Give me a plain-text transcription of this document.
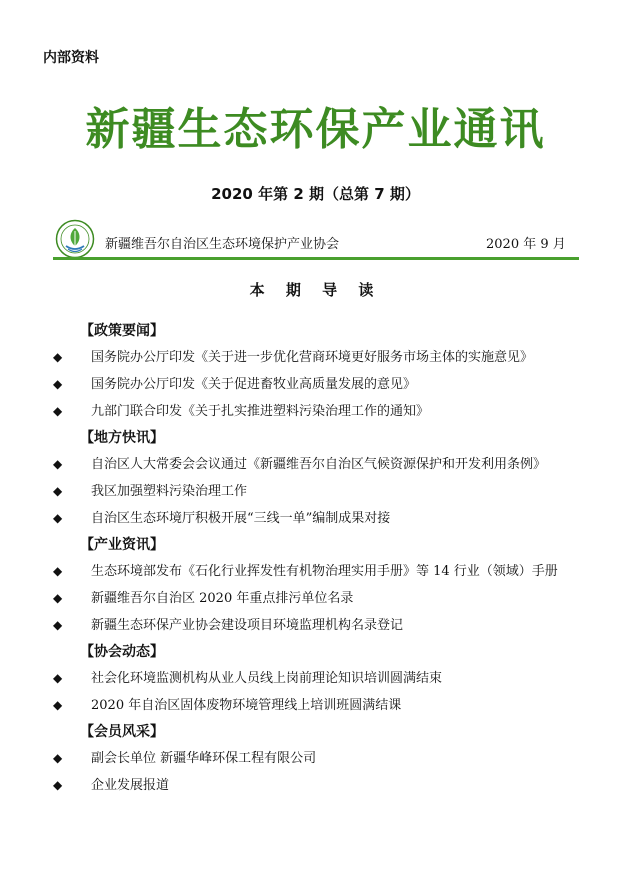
内部资料
新疆生态环保产业通讯
2020 年第 2 期（总第 7 期）
新疆维吾尔自治区生态环境保护产业协会	2020 年 9 月
本 期 导 读
【政策要闻】
◆ 国务院办公厅印发《关于进一步优化营商环境更好服务市场主体的实施意见》
◆ 国务院办公厅印发《关于促进畜牧业高质量发展的意见》
◆ 九部门联合印发《关于扎实推进塑料污染治理工作的通知》
【地方快讯】
◆ 自治区人大常委会会议通过《新疆维吾尔自治区气候资源保护和开发利用条例》
◆ 我区加强塑料污染治理工作
◆ 自治区生态环境厅积极开展“三线一单”编制成果对接
【产业资讯】
◆ 生态环境部发布《石化行业挥发性有机物治理实用手册》等 14 行业（领域）手册
◆ 新疆维吾尔自治区 2020 年重点排污单位名录
◆ 新疆生态环保产业协会建设项目环境监理机构名录登记
【协会动态】
◆ 社会化环境监测机构从业人员线上岗前理论知识培训圆满结束
◆ 2020 年自治区固体废物环境管理线上培训班圆满结课
【会员风采】
◆ 副会长单位 新疆华峰环保工程有限公司
◆ 企业发展报道
